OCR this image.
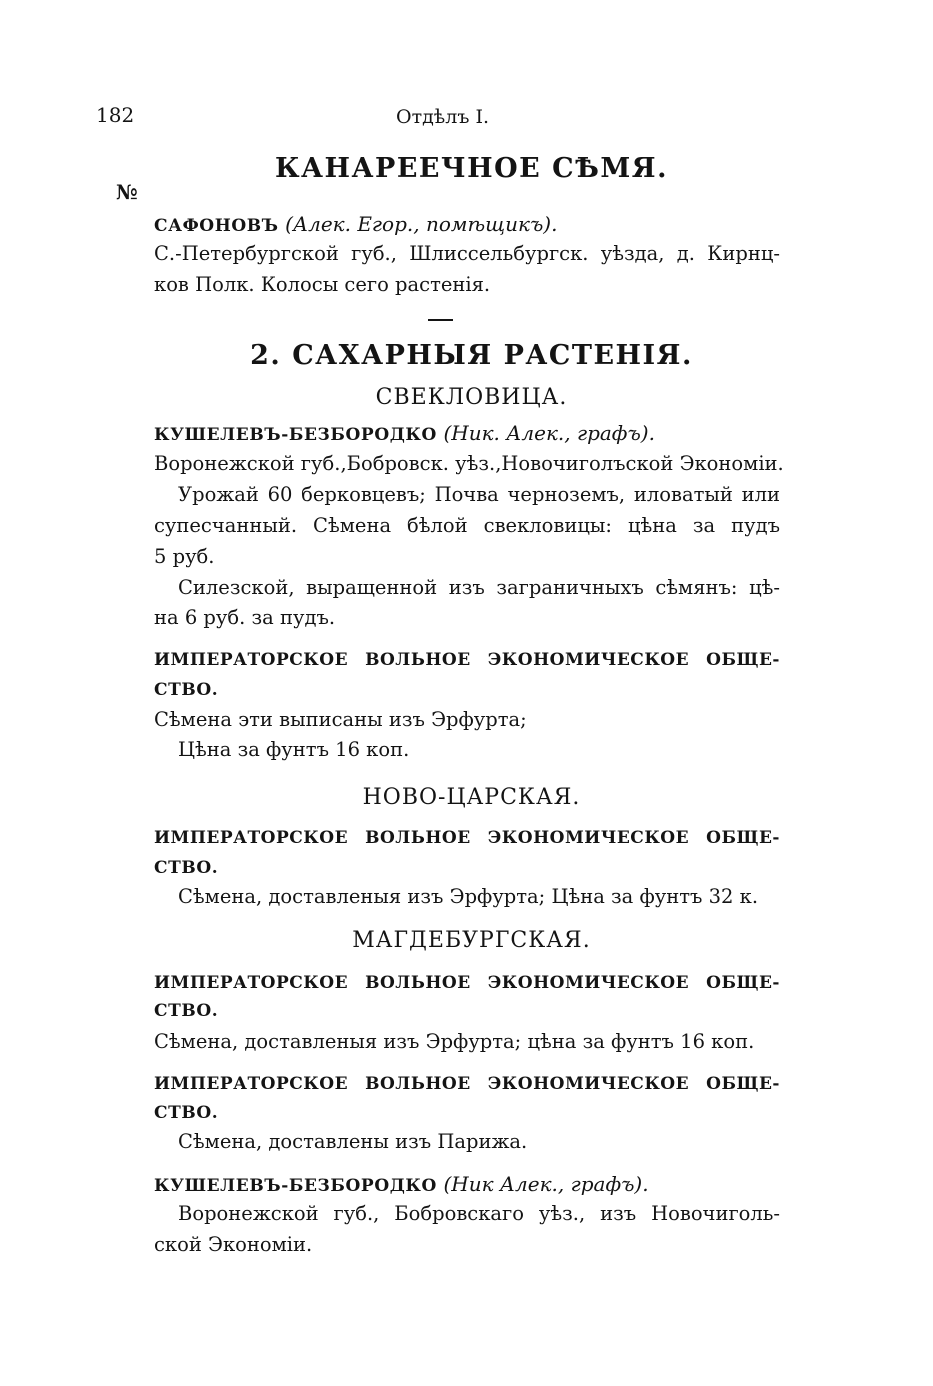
182	Отдѣлъ I.
КАНАРЕЕЧНОЕ СѢМЯ.
№
САФОНОВЪ (Алек. Егор., помѣщикъ).
С.-Петербургской губ., Шлиссельбургск. уѣзда, д. Кирнц-
ков Полк. Колосы сего растенія.
2. САХАРНЫЯ РАСТЕНІЯ.
СВЕКЛОВИЦА.
КУШЕЛЕВЪ-БЕЗБОРОДКО (Ник. Алек., графъ).
Воронежской губ.,Бобровск. уѣз.,Новочиголъской Экономіи.
Урожай 60 берковцевъ; Почва черноземъ, иловатый или
супесчанный. Сѣмена бѣлой свекловицы: цѣна за пудъ
5 руб.
Силезской, выращенной изъ заграничныхъ сѣмянъ: цѣ-
на 6 руб. за пудъ.
ИМПЕРАТОРСКОЕ ВОЛЬНОЕ ЭКОНОМИЧЕСКОЕ ОБЩЕ-
СТВО.
Сѣмена эти выписаны изъ Эрфурта;
Цѣна за фунтъ 16 коп.
НОВО-ЦАРСКАЯ.
ИМПЕРАТОРСКОЕ ВОЛЬНОЕ ЭКОНОМИЧЕСКОЕ ОБЩЕ-
СТВО.
Сѣмена, доставленыя изъ Эрфурта; Цѣна за фунтъ 32 к.
МАГДЕБУРГСКАЯ.
ИМПЕРАТОРСКОЕ ВОЛЬНОЕ ЭКОНОМИЧЕСКОЕ ОБЩЕ-
СТВО.
Сѣмена, доставленыя изъ Эрфурта; цѣна за фунтъ 16 коп.
ИМПЕРАТОРСКОЕ ВОЛЬНОЕ ЭКОНОМИЧЕСКОЕ ОБЩЕ-
СТВО.
Сѣмена, доставлены изъ Парижа.
КУШЕЛЕВЪ-БЕЗБОРОДКО (Ник Алек., графъ).
Воронежской губ., Бобровскаго уѣз., изъ Новочиголь-
ской Экономіи.
